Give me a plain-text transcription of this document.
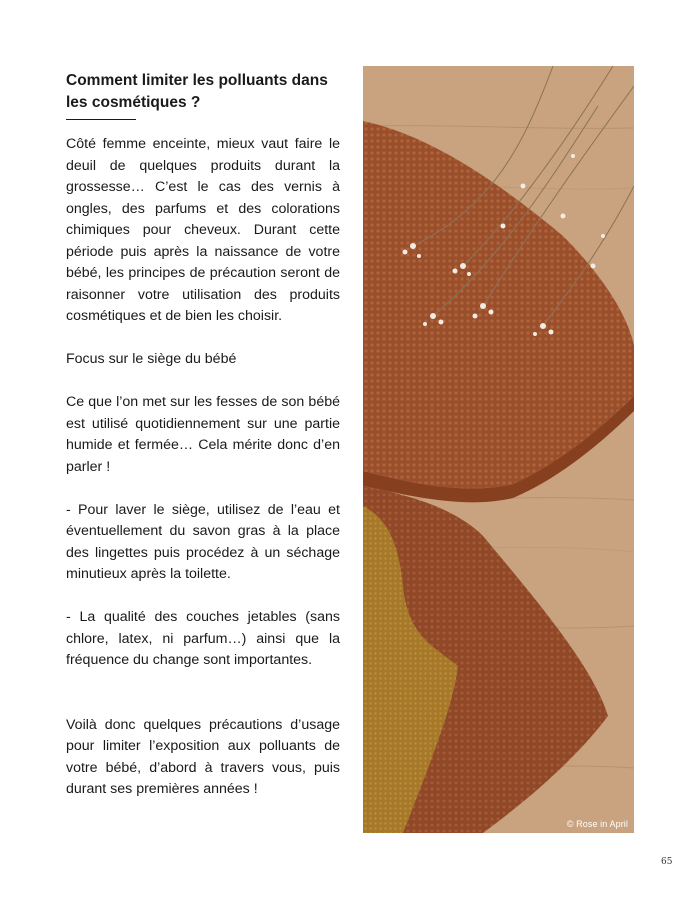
Comment limiter les polluants dans les cosmétiques ?

Côté femme enceinte, mieux vaut faire le deuil de quelques produits durant la grossesse… C’est le cas des vernis à ongles, des parfums et des colorations chimiques pour cheveux. Durant cette période puis après la naissance de votre bébé, les principes de précaution seront de raisonner votre utilisation des produits cosmétiques et de bien les choisir.

Focus sur le siège du bébé

Ce que l’on met sur les fesses de son bébé est utilisé quotidiennement sur une partie humide et fermée… Cela mérite donc d’en parler !

- Pour laver le siège, utilisez de l’eau et éventuellement du savon gras à la place des lingettes puis procédez à un séchage minutieux après la toilette.

- La qualité des couches jetables (sans chlore, latex, ni parfum…) ainsi que la fréquence du change sont importantes.

Voilà donc quelques précautions d’usage pour limiter l’exposition aux polluants de votre bébé, d’abord à travers vous, puis durant ses premières années !

© Rose in April
65
